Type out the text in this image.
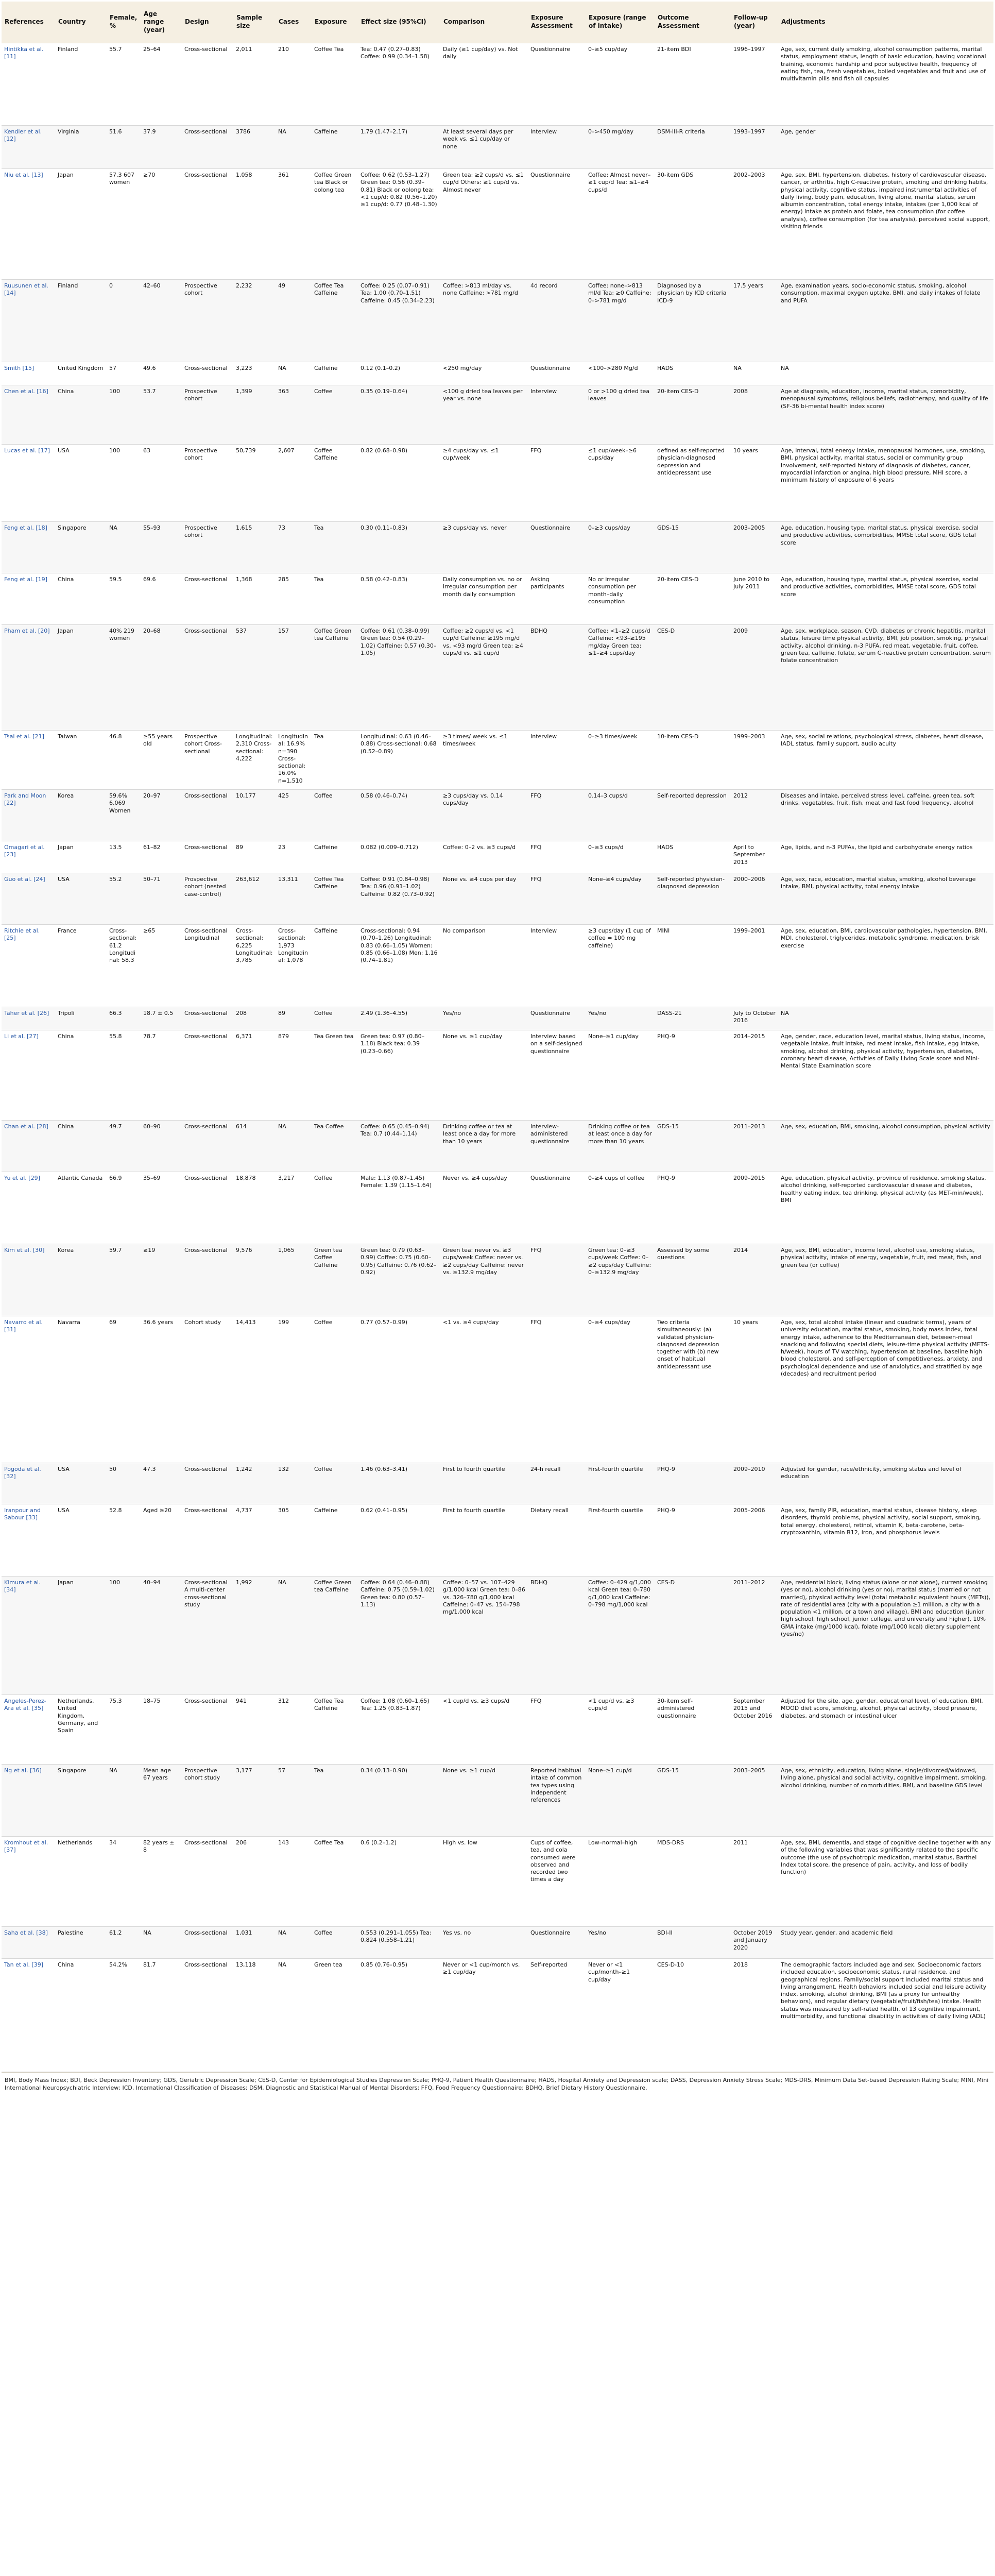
References	Country	Female, %	Age range (year)	Design	Sample size	Cases	Exposure	Effect size (95%CI)	Comparison	Exposure Assessment	Exposure (range of intake)	Outcome Assessment	Follow-up (year)	Adjustments
Hintikka et al. [11]	Finland	55.7	25–64	Cross-sectional	2,011	210	Coffee Tea	Tea: 0.47 (0.27–0.83) Coffee: 0.99 (0.34–1.58)	Daily (≥1 cup/day) vs. Not daily	Questionnaire	0–≥5 cup/day	21-item BDI	1996–1997	Age, sex, current daily smoking, alcohol consumption patterns, marital status, employment status, length of basic education, having vocational training, economic hardship and poor subjective health, frequency of eating fish, tea, fresh vegetables, boiled vegetables and fruit and use of multivitamin pills and fish oil capsules
Kendler et al. [12]	Virginia	51.6	37.9	Cross-sectional	3786	NA	Caffeine	1.79 (1.47–2.17)	At least several days per week vs. ≤1 cup/day or none	Interview	0–>450 mg/day	DSM-III-R criteria	1993–1997	Age, gender
Niu et al. [13]	Japan	57.3 607 women	≥70	Cross-sectional	1,058	361	Coffee Green tea Black or oolong tea	Coffee: 0.62 (0.53–1.27) Green tea: 0.56 (0.39–0.81) Black or oolong tea: <1 cup/d: 0.82 (0.56–1.20) ≥1 cup/d: 0.77 (0.48–1.30)	Green tea: ≥2 cups/d vs. ≤1 cup/d Others: ≥1 cup/d vs. Almost never	Questionnaire	Coffee: Almost never–≥1 cup/d Tea: ≤1–≥4 cups/d	30-item GDS	2002–2003	Age, sex, BMI, hypertension, diabetes, history of cardiovascular disease, cancer, or arthritis, high C-reactive protein, smoking and drinking habits, physical activity, cognitive status, impaired instrumental activities of daily living, body pain, education, living alone, marital status, serum albumin concentration, total energy intake, intakes (per 1,000 kcal of energy) intake as protein and folate, tea consumption (for coffee analysis), coffee consumption (for tea analysis), perceived social support, visiting friends
Ruusunen et al. [14]	Finland	0	42–60	Prospective cohort	2,232	49	Coffee Tea Caffeine	Coffee: 0.25 (0.07–0.91) Tea: 1.00 (0.70–1.51) Caffeine: 0.45 (0.34–2.23)	Coffee: >813 ml/day vs. none Caffeine: >781 mg/d	4d record	Coffee: none–>813 ml/d Tea: ≥0 Caffeine: 0–>781 mg/d	Diagnosed by a physician by ICD criteria ICD-9	17.5 years	Age, examination years, socio-economic status, smoking, alcohol consumption, maximal oxygen uptake, BMI, and daily intakes of folate and PUFA
Smith [15]	United Kingdom	57	49.6	Cross-sectional	3,223	NA	Caffeine	0.12 (0.1–0.2)	<250 mg/day	Questionnaire	<100–>280 Mg/d	HADS	NA	NA
Chen et al. [16]	China	100	53.7	Prospective cohort	1,399	363	Coffee	0.35 (0.19–0.64)	<100 g dried tea leaves per year vs. none	Interview	0 or >100 g dried tea leaves	20-item CES-D	2008	Age at diagnosis, education, income, marital status, comorbidity, menopausal symptoms, religious beliefs, radiotherapy, and quality of life (SF-36 bi-mental health index score)
Lucas et al. [17]	USA	100	63	Prospective cohort	50,739	2,607	Coffee Caffeine	0.82 (0.68–0.98)	≥4 cups/day vs. ≤1 cup/week	FFQ	≤1 cup/week–≥6 cups/day	defined as self-reported physician-diagnosed depression and antidepressant use	10 years	Age, interval, total energy intake, menopausal hormones, use, smoking, BMI, physical activity, marital status, social or community group involvement, self-reported history of diagnosis of diabetes, cancer, myocardial infarction or angina, high blood pressure, MHI score, a minimum history of exposure of 6 years
Feng et al. [18]	Singapore	NA	55–93	Prospective cohort	1,615	73	Tea	0.30 (0.11–0.83)	≥3 cups/day vs. never	Questionnaire	0–≥3 cups/day	GDS-15	2003–2005	Age, education, housing type, marital status, physical exercise, social and productive activities, comorbidities, MMSE total score, GDS total score
Feng et al. [19]	China	59.5	69.6	Cross-sectional	1,368	285	Tea	0.58 (0.42–0.83)	Daily consumption vs. no or irregular consumption per month daily consumption	Asking participants	No or irregular consumption per month–daily consumption	20-item CES-D	June 2010 to July 2011	Age, education, housing type, marital status, physical exercise, social and productive activities, comorbidities, MMSE total score, GDS total score
Pham et al. [20]	Japan	40% 219 women	20–68	Cross-sectional	537	157	Coffee Green tea Caffeine	Coffee: 0.61 (0.38–0.99) Green tea: 0.54 (0.29–1.02) Caffeine: 0.57 (0.30–1.05)	Coffee: ≥2 cups/d vs. <1 cup/d Caffeine: ≥195 mg/d vs. <93 mg/d Green tea: ≥4 cups/d vs. ≤1 cup/d	BDHQ	Coffee: <1–≥2 cups/d Caffeine: <93–≥195 mg/day Green tea: ≤1–≥4 cups/day	CES-D	2009	Age, sex, workplace, season, CVD, diabetes or chronic hepatitis, marital status, leisure time physical activity, BMI, job position, smoking, physical activity, alcohol drinking, n-3 PUFA, red meat, vegetable, fruit, coffee, green tea, caffeine, folate, serum C-reactive protein concentration, serum folate concentration
Tsai et al. [21]	Taiwan	46.8	≥55 years old	Prospective cohort Cross-sectional	Longitudinal: 2,310 Cross-sectional: 4,222	Longitudinal: 16.9% n=390 Cross-sectional: 16.0% n=1,510	Tea	Longitudinal: 0.63 (0.46–0.88) Cross-sectional: 0.68 (0.52–0.89)	≥3 times/ week vs. ≤1 times/week	Interview	0–≥3 times/week	10-item CES-D	1999–2003	Age, sex, social relations, psychological stress, diabetes, heart disease, IADL status, family support, audio acuity
Park and Moon [22]	Korea	59.6% 6,069 Women	20–97	Cross-sectional	10,177	425	Coffee	0.58 (0.46–0.74)	≥3 cups/day vs. 0.14 cups/day	FFQ	0.14–3 cups/d	Self-reported depression	2012	Diseases and intake, perceived stress level, caffeine, green tea, soft drinks, vegetables, fruit, fish, meat and fast food frequency, alcohol
Omagari et al. [23]	Japan	13.5	61–82	Cross-sectional	89	23	Caffeine	0.082 (0.009–0.712)	Coffee: 0–2 vs. ≥3 cups/d	FFQ	0–≥3 cups/d	HADS	April to September 2013	Age, lipids, and n-3 PUFAs, the lipid and carbohydrate energy ratios
Guo et al. [24]	USA	55.2	50–71	Prospective cohort (nested case-control)	263,612	13,311	Coffee Tea Caffeine	Coffee: 0.91 (0.84–0.98) Tea: 0.96 (0.91–1.02) Caffeine: 0.82 (0.73–0.92)	None vs. ≥4 cups per day	FFQ	None–≥4 cups/day	Self-reported physician-diagnosed depression	2000–2006	Age, sex, race, education, marital status, smoking, alcohol beverage intake, BMI, physical activity, total energy intake
Ritchie et al. [25]	France	Cross-sectional: 61.2 Longitudinal: 58.3	≥65	Cross-sectional Longitudinal	Cross-sectional: 6,225 Longitudinal: 3,785	Cross-sectional: 1,973 Longitudinal: 1,078	Caffeine	Cross-sectional: 0.94 (0.70–1.26) Longitudinal: 0.83 (0.66–1.05) Women: 0.85 (0.66–1.08) Men: 1.16 (0.74–1.81)	No comparison	Interview	≥3 cups/day (1 cup of coffee = 100 mg caffeine)	MINI	1999–2001	Age, sex, education, BMI, cardiovascular pathologies, hypertension, BMI, MDI, cholesterol, triglycerides, metabolic syndrome, medication, brisk exercise
Taher et al. [26]	Tripoli	66.3	18.7 ± 0.5	Cross-sectional	208	89	Coffee	2.49 (1.36–4.55)	Yes/no	Questionnaire	Yes/no	DASS-21	July to October 2016	NA
Li et al. [27]	China	55.8	78.7	Cross-sectional	6,371	879	Tea Green tea	Green tea: 0.97 (0.80–1.18) Black tea: 0.39 (0.23–0.66)	None vs. ≥1 cup/day	Interview based on a self-designed questionnaire	None–≥1 cup/day	PHQ-9	2014–2015	Age, gender, race, education level, marital status, living status, income, vegetable intake, fruit intake, red meat intake, fish intake, egg intake, smoking, alcohol drinking, physical activity, hypertension, diabetes, coronary heart disease, Activities of Daily Living Scale score and Mini-Mental State Examination score
Chan et al. [28]	China	49.7	60–90	Cross-sectional	614	NA	Tea Coffee	Coffee: 0.65 (0.45–0.94) Tea: 0.7 (0.44–1.14)	Drinking coffee or tea at least once a day for more than 10 years	Interview-administered questionnaire	Drinking coffee or tea at least once a day for more than 10 years	GDS-15	2011–2013	Age, sex, education, BMI, smoking, alcohol consumption, physical activity
Yu et al. [29]	Atlantic Canada	66.9	35–69	Cross-sectional	18,878	3,217	Coffee	Male: 1.13 (0.87–1.45) Female: 1.39 (1.15–1.64)	Never vs. ≥4 cups/day	Questionnaire	0–≥4 cups of coffee	PHQ-9	2009–2015	Age, education, physical activity, province of residence, smoking status, alcohol drinking, self-reported cardiovascular disease and diabetes, healthy eating index, tea drinking, physical activity (as MET-min/week), BMI
Kim et al. [30]	Korea	59.7	≥19	Cross-sectional	9,576	1,065	Green tea Coffee Caffeine	Green tea: 0.79 (0.63–0.99) Coffee: 0.75 (0.60–0.95) Caffeine: 0.76 (0.62–0.92)	Green tea: never vs. ≥3 cups/week Coffee: never vs. ≥2 cups/day Caffeine: never vs. ≥132.9 mg/day	FFQ	Green tea: 0–≥3 cups/week Coffee: 0–≥2 cups/day Caffeine: 0–≥132.9 mg/day	Assessed by some questions	2014	Age, sex, BMI, education, income level, alcohol use, smoking status, physical activity, intake of energy, vegetable, fruit, red meat, fish, and green tea (or coffee)
Navarro et al. [31]	Navarra	69	36.6 years	Cohort study	14,413	199	Coffee	0.77 (0.57–0.99)	<1 vs. ≥4 cups/day	FFQ	0–≥4 cups/day	Two criteria simultaneously: (a) validated physician-diagnosed depression together with (b) new onset of habitual antidepressant use	10 years	Age, sex, total alcohol intake (linear and quadratic terms), years of university education, marital status, smoking, body mass index, total energy intake, adherence to the Mediterranean diet, between-meal snacking and following special diets, leisure-time physical activity (METS-h/week), hours of TV watching, hypertension at baseline, baseline high blood cholesterol, and self-perception of competitiveness, anxiety, and psychological dependence and use of anxiolytics, and stratified by age (decades) and recruitment period
Pogoda et al. [32]	USA	50	47.3	Cross-sectional	1,242	132	Coffee	1.46 (0.63–3.41)	First to fourth quartile	24-h recall	First-fourth quartile	PHQ-9	2009–2010	Adjusted for gender, race/ethnicity, smoking status and level of education
Iranpour and Sabour [33]	USA	52.8	Aged ≥20	Cross-sectional	4,737	305	Caffeine	0.62 (0.41–0.95)	First to fourth quartile	Dietary recall	First-fourth quartile	PHQ-9	2005–2006	Age, sex, family PIR, education, marital status, disease history, sleep disorders, thyroid problems, physical activity, social support, smoking, total energy, cholesterol, retinol, vitamin K, beta-carotene, beta-cryptoxanthin, vitamin B12, iron, and phosphorus levels
Kimura et al. [34]	Japan	100	40–94	Cross-sectional A multi-center cross-sectional study	1,992	NA	Coffee Green tea Caffeine	Coffee: 0.64 (0.46–0.88) Caffeine: 0.75 (0.59–1.02) Green tea: 0.80 (0.57–1.13)	Coffee: 0–57 vs. 107–429 g/1,000 kcal Green tea: 0–86 vs. 326–780 g/1,000 kcal Caffeine: 0–47 vs. 154–798 mg/1,000 kcal	BDHQ	Coffee: 0–429 g/1,000 kcal Green tea: 0–780 g/1,000 kcal Caffeine: 0–798 mg/1,000 kcal	CES-D	2011–2012	Age, residential block, living status (alone or not alone), current smoking (yes or no), alcohol drinking (yes or no), marital status (married or not married), physical activity level (total metabolic equivalent hours (METs)), rate of residential area (city with a population ≥1 million, a city with a population <1 million, or a town and village), BMI and education (junior high school, high school, junior college, and university and higher), 10% GMA intake (mg/1000 kcal), folate (mg/1000 kcal) dietary supplement (yes/no)
Angeles-Perez-Ara et al. [35]	Netherlands, United Kingdom, Germany, and Spain	75.3	18–75	Cross-sectional	941	312	Coffee Tea Caffeine	Coffee: 1.08 (0.60–1.65) Tea: 1.25 (0.83–1.87)	<1 cup/d vs. ≥3 cups/d	FFQ	<1 cup/d vs. ≥3 cups/d	30-item self-administered questionnaire	September 2015 and October 2016	Adjusted for the site, age, gender, educational level, of education, BMI, MOOD diet score, smoking, alcohol, physical activity, blood pressure, diabetes, and stomach or intestinal ulcer
Ng et al. [36]	Singapore	NA	Mean age 67 years	Prospective cohort study	3,177	57	Tea	0.34 (0.13–0.90)	None vs. ≥1 cup/d	Reported habitual intake of common tea types using independent references	None–≥1 cup/d	GDS-15	2003–2005	Age, sex, ethnicity, education, living alone, single/divorced/widowed, living alone, physical and social activity, cognitive impairment, smoking, alcohol drinking, number of comorbidities, BMI, and baseline GDS level
Kromhout et al. [37]	Netherlands	34	82 years ± 8	Cross-sectional	206	143	Coffee Tea	0.6 (0.2–1.2)	High vs. low	Cups of coffee, tea, and cola consumed were observed and recorded two times a day	Low–normal–high	MDS-DRS	2011	Age, sex, BMI, dementia, and stage of cognitive decline together with any of the following variables that was significantly related to the specific outcome (the use of psychotropic medication, marital status, Barthel Index total score, the presence of pain, activity, and loss of bodily function)
Saha et al. [38]	Palestine	61.2	NA	Cross-sectional	1,031	NA	Coffee	0.553 (0.291–1.055) Tea: 0.824 (0.558–1.21)	Yes vs. no	Questionnaire	Yes/no	BDI-II	October 2019 and January 2020	Study year, gender, and academic field
Tan et al. [39]	China	54.2%	81.7	Cross-sectional	13,118	NA	Green tea	0.85 (0.76–0.95)	Never or <1 cup/month vs. ≥1 cup/day	Self-reported	Never or <1 cup/month–≥1 cup/day	CES-D-10	2018	The demographic factors included age and sex. Socioeconomic factors included education, socioeconomic status, rural residence, and geographical regions. Family/social support included marital status and living arrangement. Health behaviors included social and leisure activity index, smoking, alcohol drinking, BMI (as a proxy for unhealthy behaviors), and regular dietary (vegetable/fruit/fish/tea) intake. Health status was measured by self-rated health, of 13 cognitive impairment, multimorbidity, and functional disability in activities of daily living (ADL)
BMI, Body Mass Index; BDI, Beck Depression Inventory; GDS, Geriatric Depression Scale; CES-D, Center for Epidemiological Studies Depression Scale; PHQ-9, Patient Health Questionnaire; HADS, Hospital Anxiety and Depression scale; DASS, Depression Anxiety Stress Scale; MDS-DRS, Minimum Data Set-based Depression Rating Scale; MINI, Mini International Neuropsychiatric Interview; ICD, International Classification of Diseases; DSM, Diagnostic and Statistical Manual of Mental Disorders; FFQ, Food Frequency Questionnaire; BDHQ, Brief Dietary History Questionnaire.
